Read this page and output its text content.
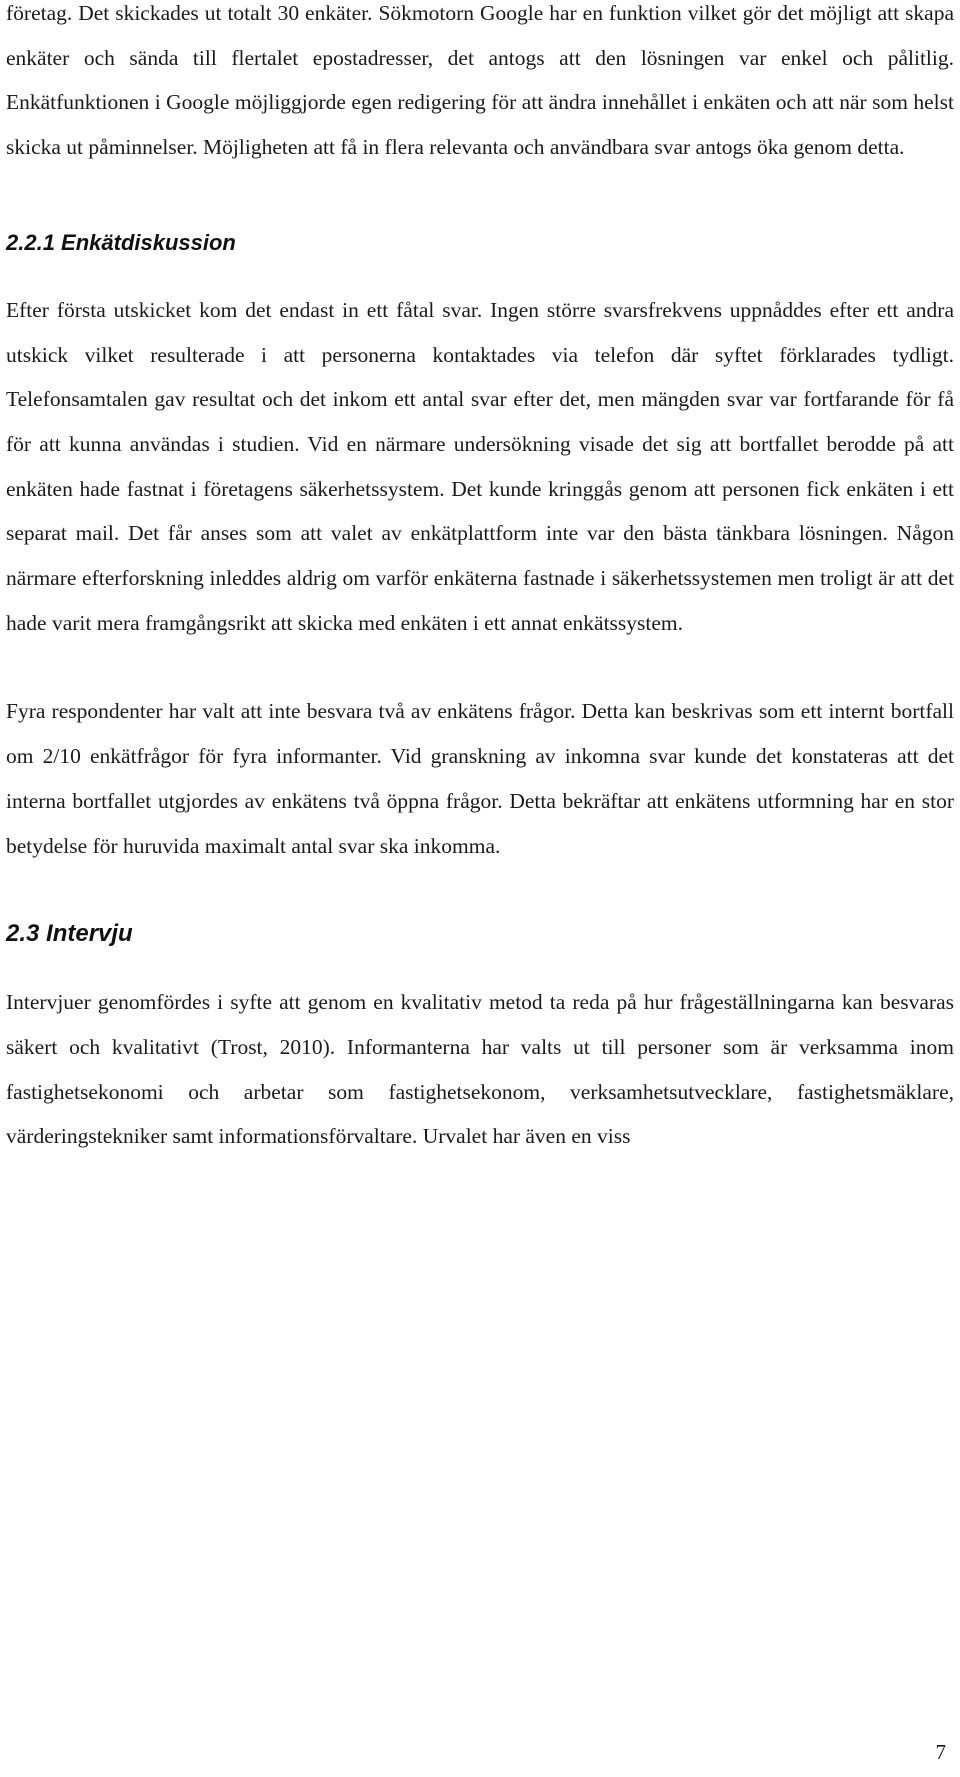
företag. Det skickades ut totalt 30 enkäter. Sökmotorn Google har en funktion vilket gör det möjligt att skapa enkäter och sända till flertalet epostadresser, det antogs att den lösningen var enkel och pålitlig. Enkätfunktionen i Google möjliggjorde egen redigering för att ändra innehållet i enkäten och att när som helst skicka ut påminnelser. Möjligheten att få in flera relevanta och användbara svar antogs öka genom detta.

2.2.1 Enkätdiskussion

Efter första utskicket kom det endast in ett fåtal svar. Ingen större svarsfrekvens uppnåddes efter ett andra utskick vilket resulterade i att personerna kontaktades via telefon där syftet förklarades tydligt. Telefonsamtalen gav resultat och det inkom ett antal svar efter det, men mängden svar var fortfarande för få för att kunna användas i studien. Vid en närmare undersökning visade det sig att bortfallet berodde på att enkäten hade fastnat i företagens säkerhetssystem. Det kunde kringgås genom att personen fick enkäten i ett separat mail. Det får anses som att valet av enkätplattform inte var den bästa tänkbara lösningen. Någon närmare efterforskning inleddes aldrig om varför enkäterna fastnade i säkerhetssystemen men troligt är att det hade varit mera framgångsrikt att skicka med enkäten i ett annat enkätssystem.

Fyra respondenter har valt att inte besvara två av enkätens frågor. Detta kan beskrivas som ett internt bortfall om 2/10 enkätfrågor för fyra informanter. Vid granskning av inkomna svar kunde det konstateras att det interna bortfallet utgjordes av enkätens två öppna frågor. Detta bekräftar att enkätens utformning har en stor betydelse för huruvida maximalt antal svar ska inkomma.

2.3 Intervju

Intervjuer genomfördes i syfte att genom en kvalitativ metod ta reda på hur frågeställningarna kan besvaras säkert och kvalitativt (Trost, 2010). Informanterna har valts ut till personer som är verksamma inom fastighetsekonomi och arbetar som fastighetsekonom, verksamhetsutvecklare, fastighetsmäklare, värderingstekniker samt informationsförvaltare. Urvalet har även en viss

7
